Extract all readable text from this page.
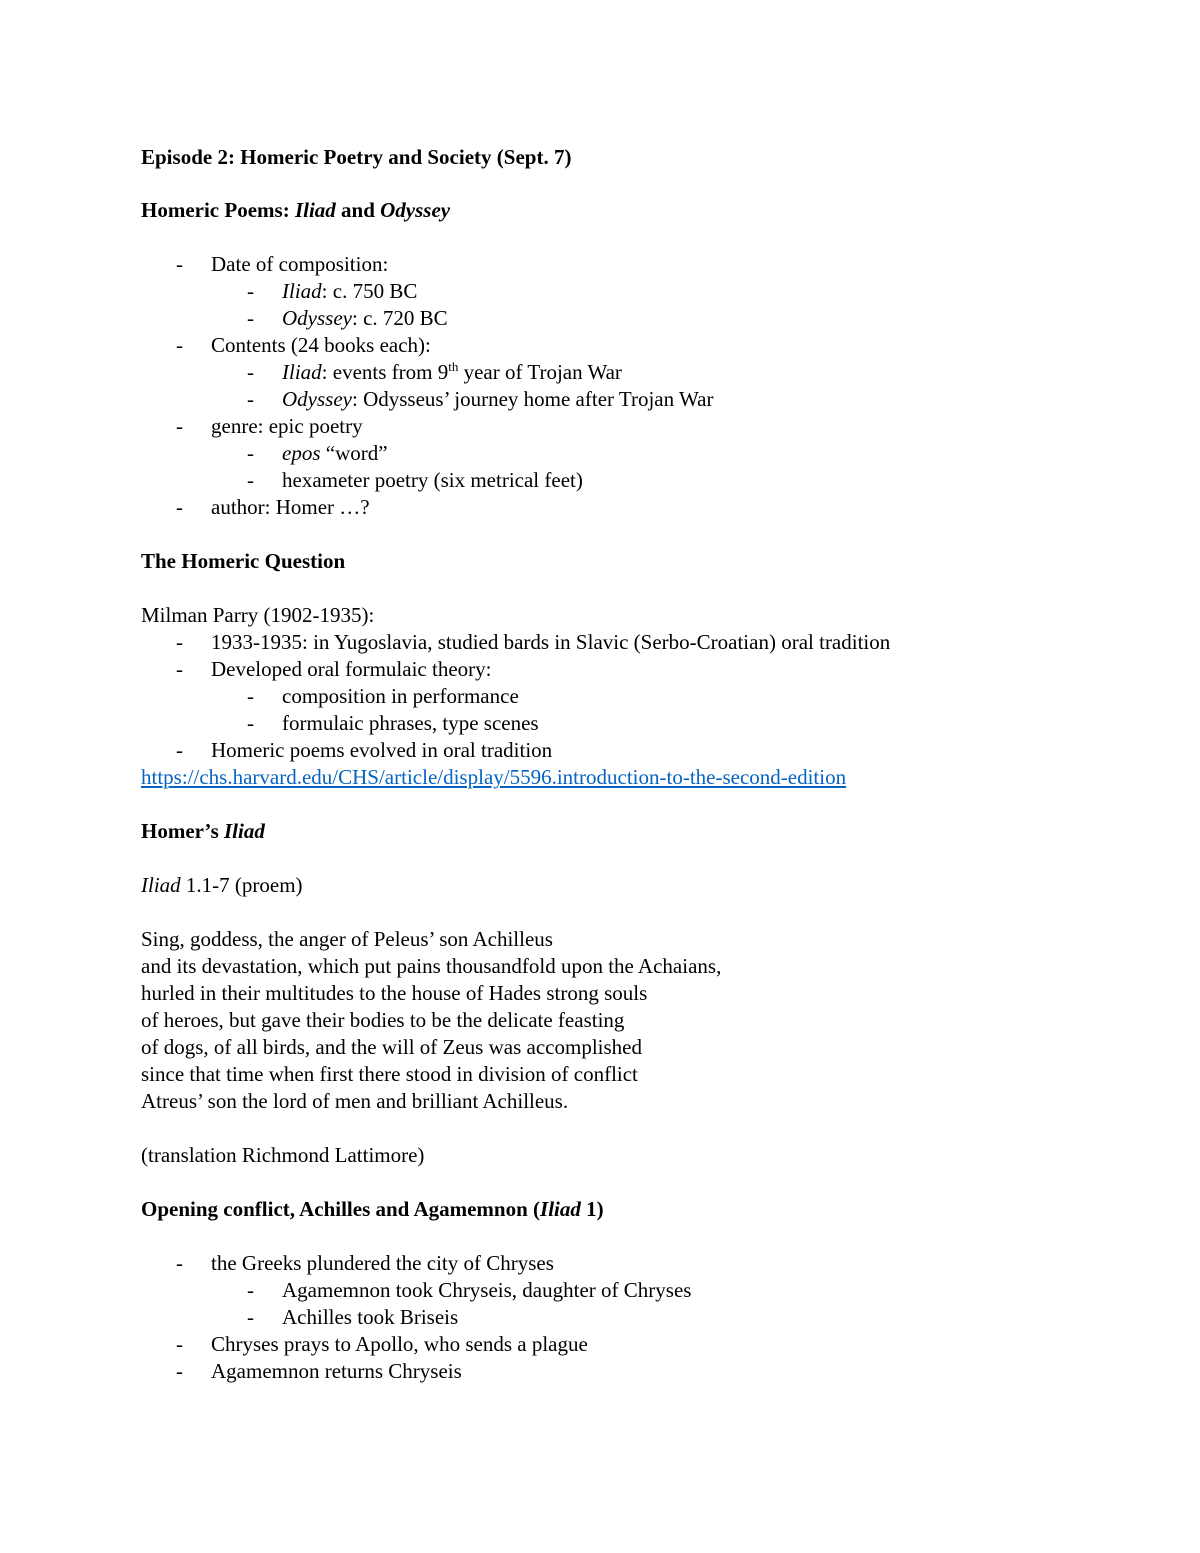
Episode 2: Homeric Poetry and Society (Sept. 7)
Homeric Poems: Iliad and Odyssey
- Date of composition:
- Iliad: c. 750 BC
- Odyssey: c. 720 BC
- Contents (24 books each):
- Iliad: events from 9th year of Trojan War
- Odyssey: Odysseus’ journey home after Trojan War
- genre: epic poetry
- epos “word”
- hexameter poetry (six metrical feet)
- author: Homer …?
The Homeric Question
Milman Parry (1902-1935):
- 1933-1935: in Yugoslavia, studied bards in Slavic (Serbo-Croatian) oral tradition
- Developed oral formulaic theory:
- composition in performance
- formulaic phrases, type scenes
- Homeric poems evolved in oral tradition
https://chs.harvard.edu/CHS/article/display/5596.introduction-to-the-second-edition
Homer’s Iliad
Iliad 1.1-7 (proem)
Sing, goddess, the anger of Peleus’ son Achilleus
and its devastation, which put pains thousandfold upon the Achaians,
hurled in their multitudes to the house of Hades strong souls
of heroes, but gave their bodies to be the delicate feasting
of dogs, of all birds, and the will of Zeus was accomplished
since that time when first there stood in division of conflict
Atreus’ son the lord of men and brilliant Achilleus.
(translation Richmond Lattimore)
Opening conflict, Achilles and Agamemnon (Iliad 1)
- the Greeks plundered the city of Chryses
- Agamemnon took Chryseis, daughter of Chryses
- Achilles took Briseis
- Chryses prays to Apollo, who sends a plague
- Agamemnon returns Chryseis
